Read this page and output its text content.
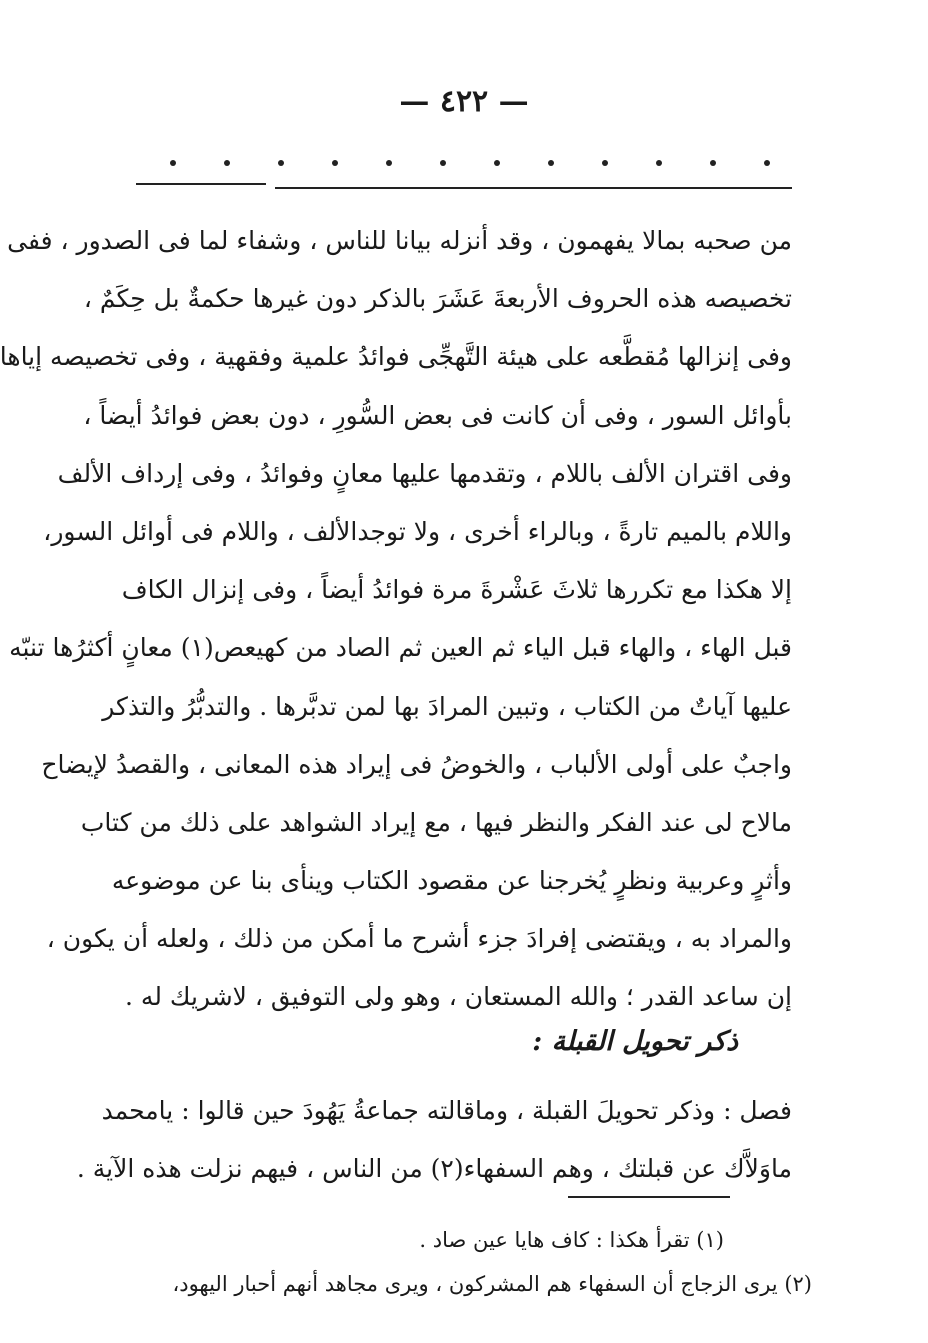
— ٤٢٢ —
من صحبه بمالا يفهمون ، وقد أنزله بيانا للناس ، وشفاء لما فى الصدور ، ففى
تخصيصه هذه الحروف الأربعةَ عَشَرَ بالذكر دون غيرها حكمةٌ بل حِكَمٌ ،
وفى إنزالها مُقطَّعه على هيئة التَّهجِّى فوائدُ علمية وفقهية ، وفى تخصيصه إياها
بأوائل السور ، وفى أن كانت فى بعض السُّورِ ، دون بعض فوائدُ أيضاً ،
وفى اقتران الألف باللام ، وتقدمها عليها معانٍ وفوائدُ ، وفى إرداف الألف
واللام بالميم تارةً ، وبالراء أخرى ، ولا توجدالألف ، واللام فى أوائل السور،
إلا هكذا مع تكررها ثلاثَ عَشْرةَ مرة فوائدُ أيضاً ، وفى إنزال الكاف
قبل الهاء ، والهاء قبل الياء ثم العين ثم الصاد من كهيعص(١) معانٍ أكثرُها تنبّه
عليها آياتٌ من الكتاب ، وتبين المرادَ بها لمن تدبَّرها . والتدبُّرُ والتذكر
واجبٌ على أولى الألباب ، والخوضُ فى إيراد هذه المعانى ، والقصدُ لإيضاح
مالاح لى عند الفكر والنظر فيها ، مع إيراد الشواهد على ذلك من كتاب
وأثرٍ وعربية ونظرٍ يُخرجنا عن مقصود الكتاب وينأى بنا عن موضوعه
والمراد به ، ويقتضى إفرادَ جزء أشرح ما أمكن من ذلك ، ولعله أن يكون ،
إن ساعد القدر ؛ والله المستعان ، وهو ولى التوفيق ، لاشريك له .
ذكر تحويل القبلة :
فصل : وذكر تحويلَ القبلة ، وماقالته جماعةُ يَهُودَ حين قالوا : يامحمد
ماوَلاَّك عن قبلتك ، وهم السفهاء(٢) من الناس ، فيهم نزلت هذه الآية .
(١) تقرأ هكذا : كاف هايا عين صاد .
(٢) يرى الزجاج أن السفهاء هم المشركون ، ويرى مجاهد أنهم أحبار اليهود،
